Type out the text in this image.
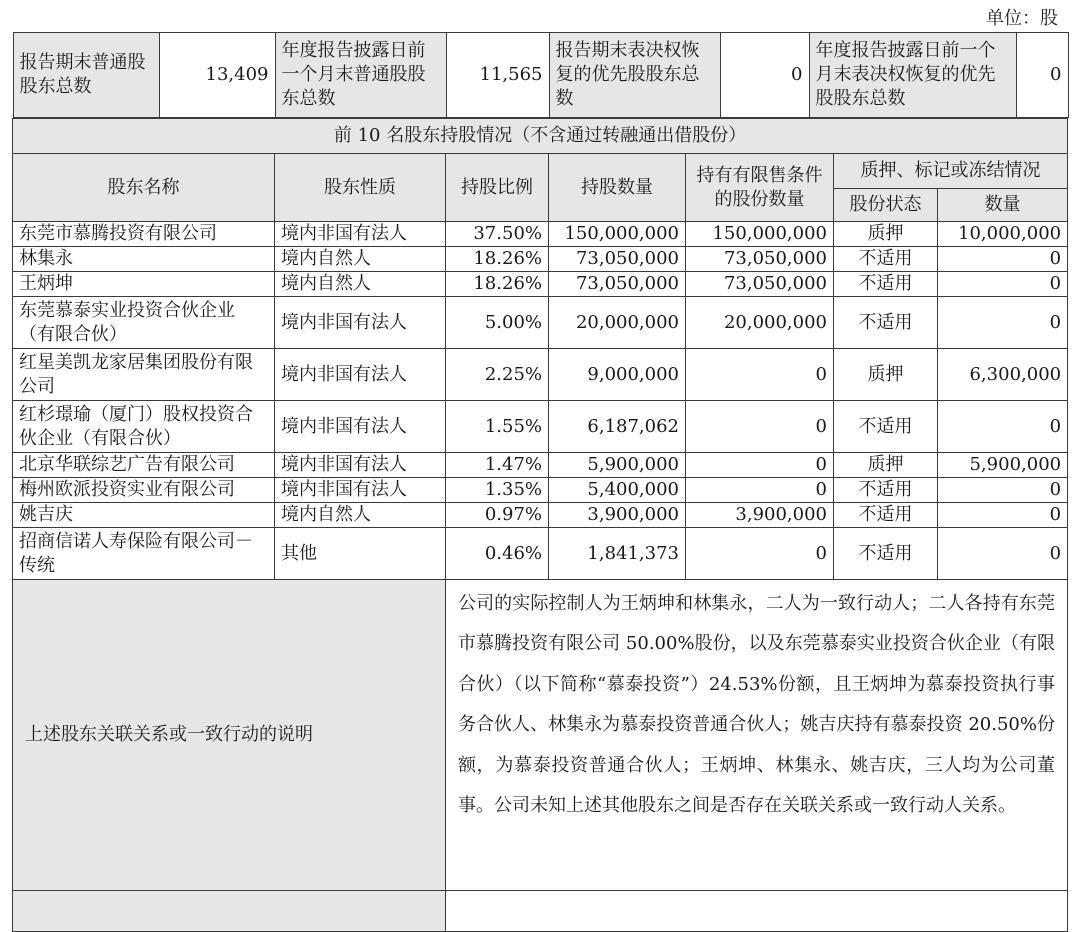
单位：股
报告期末普通股股东总数	13,409	年度报告披露日前一个月末普通股股东总数	11,565	报告期末表决权恢复的优先股股东总数	0	年度报告披露日前一个月末表决权恢复的优先股股东总数	0

前 10 名股东持股情况（不含通过转融通出借股份）
股东名称	股东性质	持股比例	持股数量	持有有限售条件的股份数量	质押、标记或冻结情况
股份状态	数量
东莞市慕腾投资有限公司	境内非国有法人	37.50%	150,000,000	150,000,000	质押	10,000,000
林集永	境内自然人	18.26%	73,050,000	73,050,000	不适用	0
王炳坤	境内自然人	18.26%	73,050,000	73,050,000	不适用	0
东莞慕泰实业投资合伙企业（有限合伙）	境内非国有法人	5.00%	20,000,000	20,000,000	不适用	0
红星美凯龙家居集团股份有限公司	境内非国有法人	2.25%	9,000,000	0	质押	6,300,000
红杉璟瑜（厦门）股权投资合伙企业（有限合伙）	境内非国有法人	1.55%	6,187,062	0	不适用	0
北京华联综艺广告有限公司	境内非国有法人	1.47%	5,900,000	0	质押	5,900,000
梅州欧派投资实业有限公司	境内非国有法人	1.35%	5,400,000	0	不适用	0
姚吉庆	境内自然人	0.97%	3,900,000	3,900,000	不适用	0
招商信诺人寿保险有限公司－传统	其他	0.46%	1,841,373	0	不适用	0
上述股东关联关系或一致行动的说明	公司的实际控制人为王炳坤和林集永，二人为一致行动人；二人各持有东莞市慕腾投资有限公司 50.00%股份，以及东莞慕泰实业投资合伙企业（有限合伙）（以下简称“慕泰投资”）24.53%份额，且王炳坤为慕泰投资执行事务合伙人、林集永为慕泰投资普通合伙人；姚吉庆持有慕泰投资 20.50%份额，为慕泰投资普通合伙人；王炳坤、林集永、姚吉庆，三人均为公司董事。公司未知上述其他股东之间是否存在关联关系或一致行动人关系。
